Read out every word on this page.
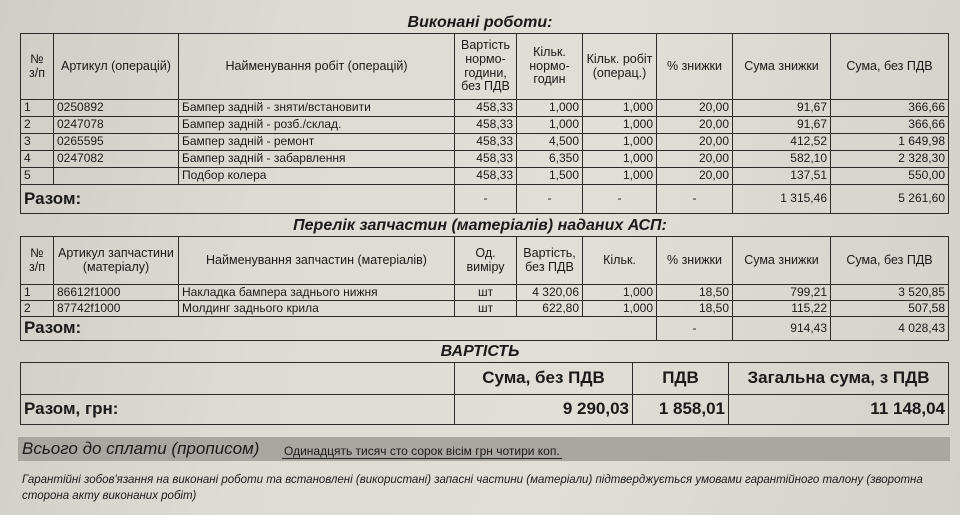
Виконані роботи:
№ з/п	Артикул (операцій)	Найменування робіт (операцій)	Вартість нормо-години, без ПДВ	Кільк. нормо-годин	Кільк. робіт (операц.)	% знижки	Сума знижки	Сума, без ПДВ
1	0250892	Бампер задній - зняти/встановити	458,33	1,000	1,000	20,00	91,67	366,66
2	0247078	Бампер задній - розб./склад.	458,33	1,000	1,000	20,00	91,67	366,66
3	0265595	Бампер задній - ремонт	458,33	4,500	1,000	20,00	412,52	1 649,98
4	0247082	Бампер задній - забарвлення	458,33	6,350	1,000	20,00	582,10	2 328,30
5		Подбор колера	458,33	1,500	1,000	20,00	137,51	550,00
Разом:			-	-	-	-	1 315,46	5 261,60
Перелік запчастин (матеріалів) наданих АСП:
№ з/п	Артикул запчастини (матеріалу)	Найменування запчастин (матеріалів)	Од. виміру	Вартість, без ПДВ	Кільк.	% знижки	Сума знижки	Сума, без ПДВ
1	86612f1000	Накладка бампера заднього нижня	шт	4 320,06	1,000	18,50	799,21	3 520,85
2	87742f1000	Молдинг заднього крила	шт	622,80	1,000	18,50	115,22	507,58
Разом:						-	914,43	4 028,43
ВАРТІСТЬ
	Сума, без ПДВ	ПДВ	Загальна сума, з ПДВ
Разом, грн:	9 290,03	1 858,01	11 148,04
Всього до сплати (прописом) Одинадцять тисяч сто сорок вісім грн чотири коп.
Гарантійні зобов'язання на виконані роботи та встановлені (використані) запасні частини (матеріали) підтверджується умовами гарантійного талону (зворотна сторона акту виконаних робіт)
